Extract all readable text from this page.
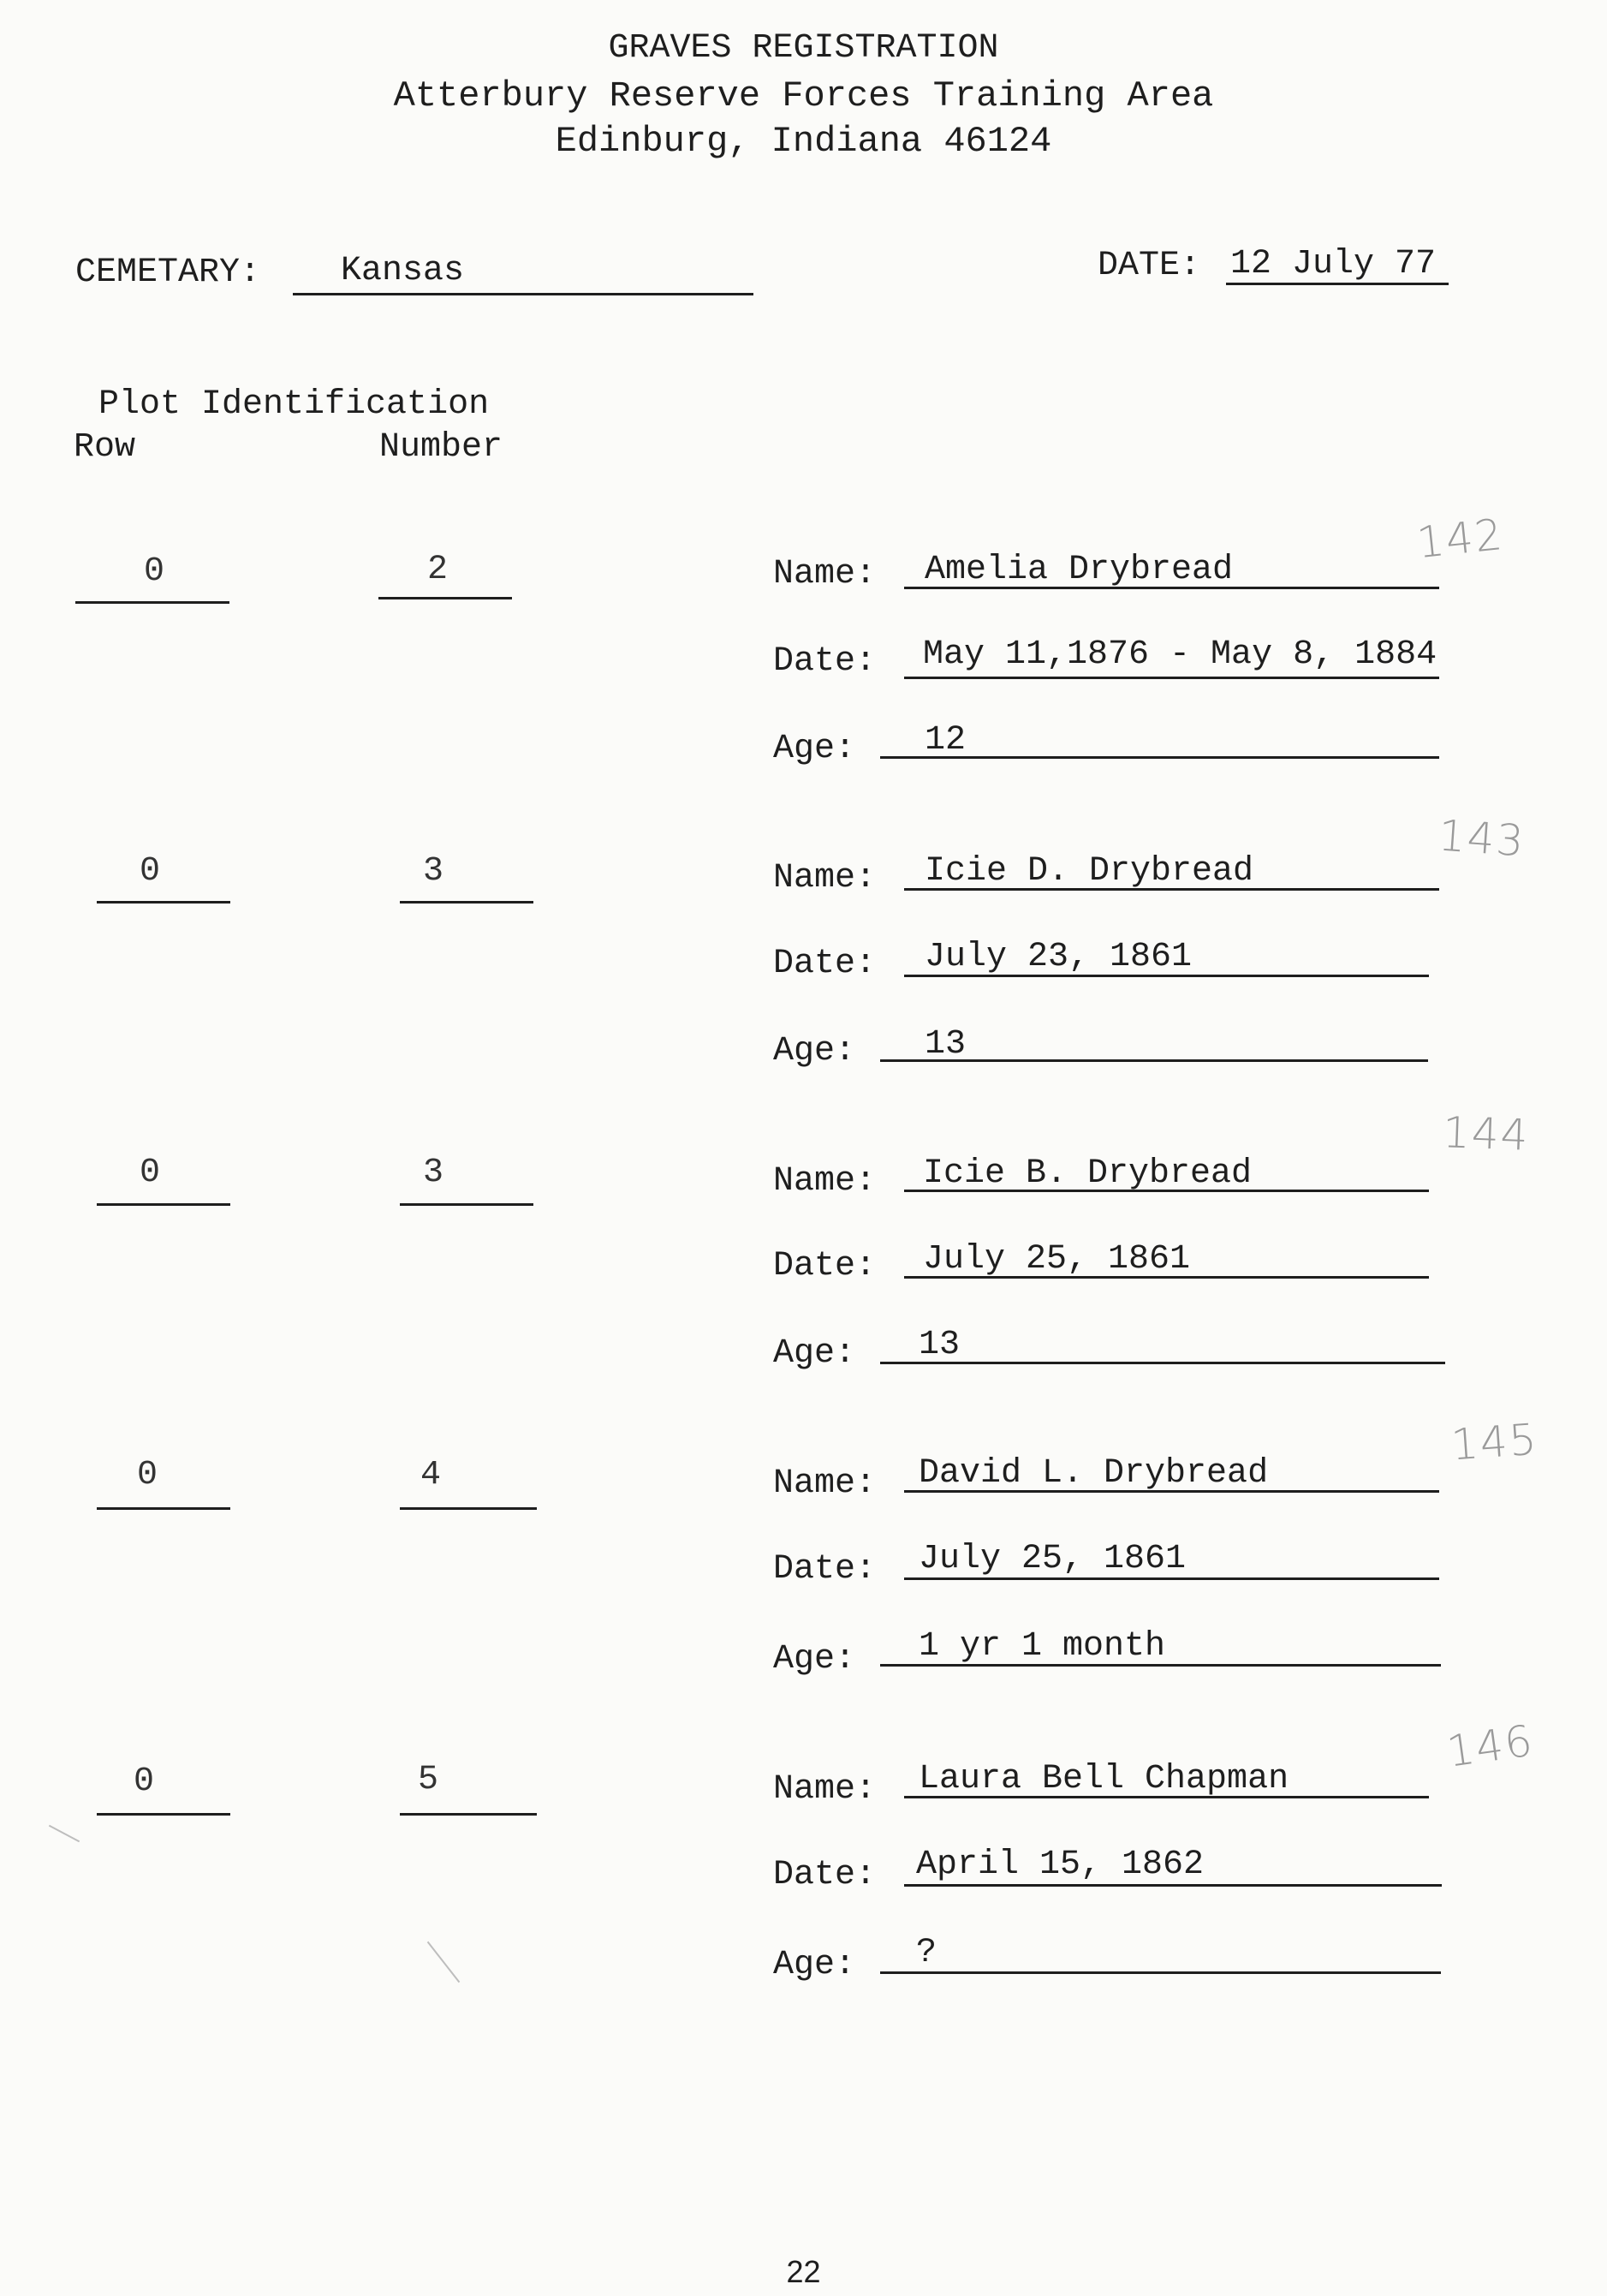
GRAVES REGISTRATION
Atterbury Reserve Forces Training Area
Edinburg, Indiana 46124
CEMETARY: Kansas	DATE: 12 July 77
Plot Identification
Row	Number
0	2	Name: Amelia Drybread
Date: May 11,1876 - May 8, 1884
Age: 12
142
0	3	Name: Icie D. Drybread
Date: July 23, 1861
Age: 13
143
0	3	Name: Icie B. Drybread
Date: July 25, 1861
Age: 13
144
0	4	Name: David L. Drybread
Date: July 25, 1861
Age: 1 yr 1 month
145
0	5	Name: Laura Bell Chapman
Date: April 15, 1862
Age: ?
146
22
